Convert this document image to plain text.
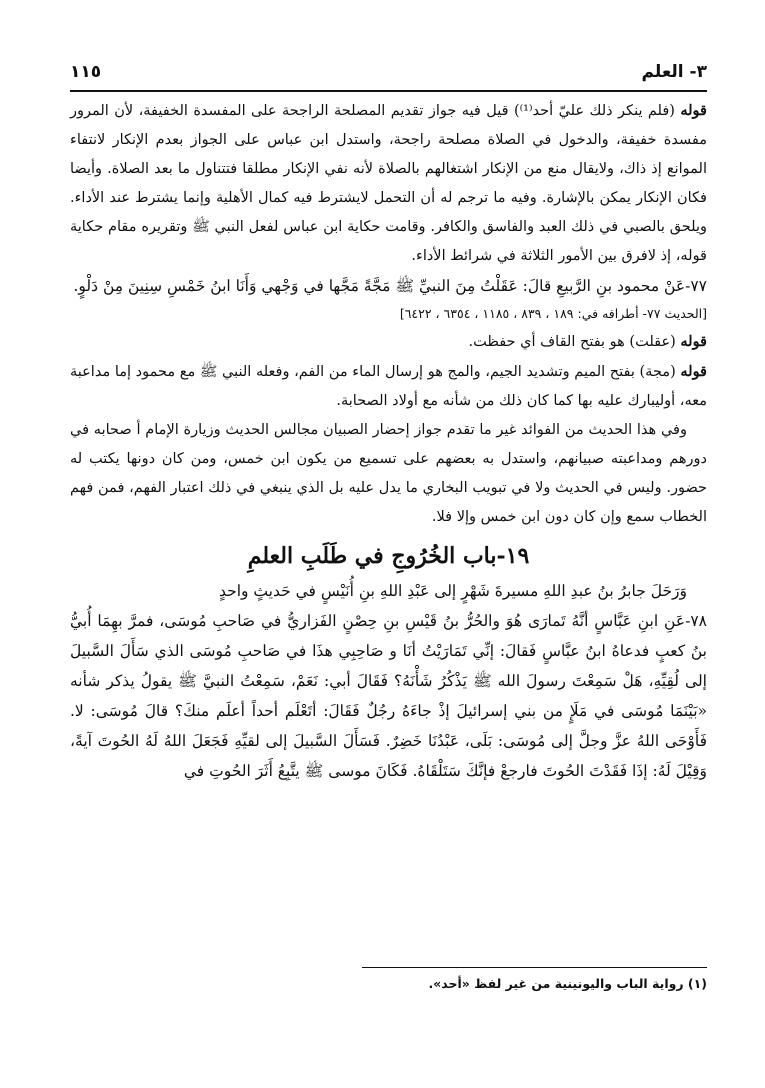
٣- العلم
١١٥

قوله (فلم ينكر ذلك عليّ أحد⁽¹⁾) قيل فيه جواز تقديم المصلحة الراجحة على المفسدة الخفيفة، لأن المرور مفسدة خفيفة، والدخول في الصلاة مصلحة راجحة، واستدل ابن عباس على الجواز بعدم الإنكار لانتفاء الموانع إذ ذاك، ولايقال منع من الإنكار اشتغالهم بالصلاة لأنه نفي الإنكار مطلقا فتتناول ما بعد الصلاة. وأيضا فكان الإنكار يمكن بالإشارة. وفيه ما ترجم له أن التحمل لايشترط فيه كمال الأهلية وإنما يشترط عند الأداء. ويلحق بالصبي في ذلك العبد والفاسق والكافر. وقامت حكاية ابن عباس لفعل النبي ﷺ وتقريره مقام حكاية قوله، إذ لافرق بين الأمور الثلاثة في شرائط الأداء.

٧٧-عَنْ محمود بنِ الرَّبيعِ قالَ: عَقَلْتُ مِنَ النبيِّ ﷺ مَجَّةً مَجَّها في وَجْهي وَأَنَا ابنُ خَمْسِ سِنِينَ مِنْ دَلْوٍ.

[الحديث ٧٧- أطرافه في: ١٨٩ ، ٨٣٩ ، ١١٨٥ ، ٦٣٥٤ ، ٦٤٢٢]

قوله (عقلت) هو بفتح القاف أي حفظت.

قوله (مجة) بفتح الميم وتشديد الجيم، والمج هو إرسال الماء من الفم، وفعله النبي ﷺ مع محمود إما مداعبة معه، أوليبارك عليه بها كما كان ذلك من شأنه مع أولاد الصحابة.

وفي هذا الحديث من الفوائد غير ما تقدم جواز إحضار الصبيان مجالس الحديث وزيارة الإمام أ صحابه في دورهم ومداعبته صبيانهم، واستدل به بعضهم على تسميع من يكون ابن خمس، ومن كان دونها يكتب له حضور. وليس في الحديث ولا في تبويب البخاري ما يدل عليه بل الذي ينبغي في ذلك اعتبار الفهم، فمن فهم الخطاب سمع وإن كان دون ابن خمس وإلا فلا.

١٩-باب الخُرُوجِ في طَلَبِ العلمِ

وَرَحَلَ جابرُ بنُ عبدِ اللهِ مسيرةَ شَهْرٍ إلى عَبْدِ اللهِ بنِ أُنَيْسٍ في حَديثٍ واحدٍ

٧٨-عَنِ ابنِ عَبَّاسٍ أنَّهُ تَمارَى هُوَ والحُرُّ بنُ قَيْسِ بنِ حِصْنٍ الفَزاريُّ في صَاحبِ مُوسَى، فمرَّ بهِمَا أُبيُّ بنُ كعبٍ فدعاهُ ابنُ عبَّاسٍ فَقالَ: إنِّي تَمَارَيْتُ أنَا و صَاحِبِي هذَا في صَاحبِ مُوسَى الذي سَأَلَ السَّبيلَ إلى لُقِيِّهِ، هَلْ سَمِعْتَ رسولَ الله ﷺ يَذْكُرُ شَأْنَهُ؟ فَقَالَ أبي: نَعَمْ، سَمِعْتُ النبيَّ ﷺ يقولُ يذكر شأنه «بَيْنَمَا مُوسَى في مَلَإٍ من بني إسرائيلَ إذْ جاءَهُ رجُلٌ فَقَالَ: أتَعْلَم أحداً أعلَم منكَ؟ قالَ مُوسَى: لا. فَأَوْحَى اللهُ عزَّ وجلَّ إلى مُوسَى: بَلَى، عَبْدُنَا خَضِرٌ. فَسَأَلَ السَّبيلَ إلى لقيِّهِ فَجَعَلَ اللهُ لَهُ الحُوتَ آيةً، وَقِيْلَ لَهُ: إذَا فَقَدْتَ الحُوتَ فارجعْ فإنَّكَ سَتَلْقَاهُ. فَكَانَ موسى ﷺ يتَّبِعُ أَثَرَ الحُوتِ في

(١) رواية الباب واليونينية من غير لفظ «أحد».
